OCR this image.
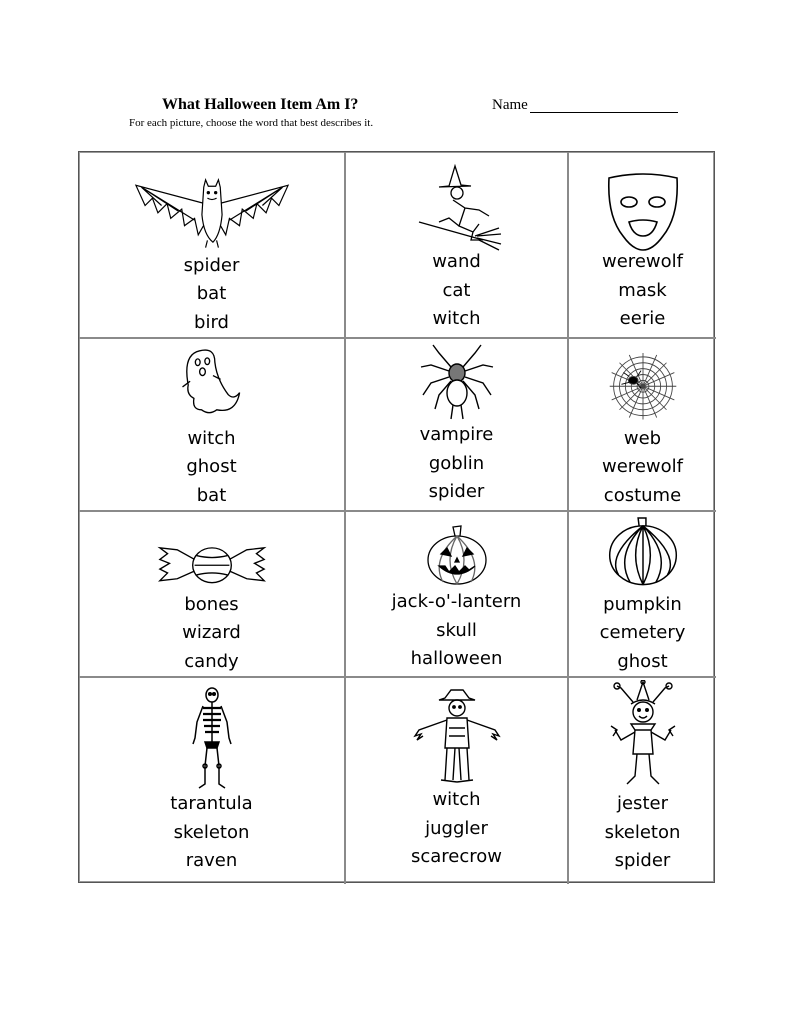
What Halloween Item Am I?	Name
For each picture, choose the word that best describes it.
spider
bat
bird
wand
cat
witch
werewolf
mask
eerie
witch
ghost
bat
vampire
goblin
spider
web
werewolf
costume
bones
wizard
candy
jack-o'-lantern
skull
halloween
pumpkin
cemetery
ghost
tarantula
skeleton
raven
witch
juggler
scarecrow
jester
skeleton
spider
